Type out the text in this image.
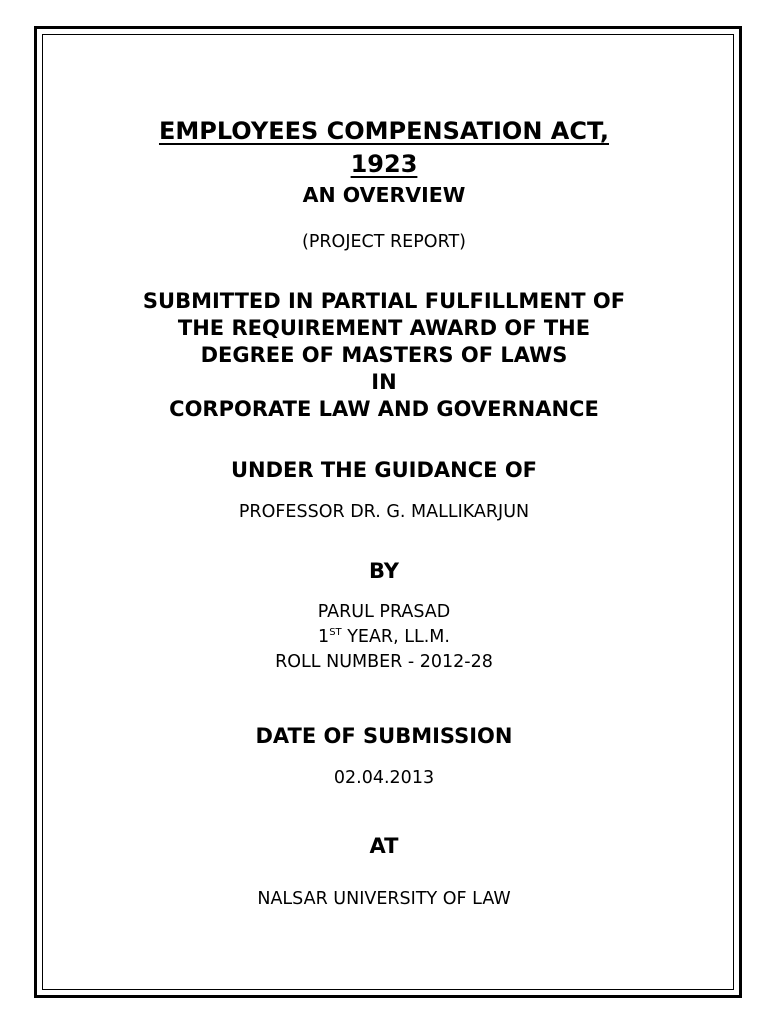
EMPLOYEES COMPENSATION ACT,
1923
AN OVERVIEW
(PROJECT REPORT)
SUBMITTED IN PARTIAL FULFILLMENT OF
THE REQUIREMENT AWARD OF THE
DEGREE OF MASTERS OF LAWS
IN
CORPORATE LAW AND GOVERNANCE
UNDER THE GUIDANCE OF
PROFESSOR DR. G. MALLIKARJUN
BY
PARUL PRASAD
1ST YEAR, LL.M.
ROLL NUMBER - 2012-28
DATE OF SUBMISSION
02.04.2013
AT
NALSAR UNIVERSITY OF LAW
